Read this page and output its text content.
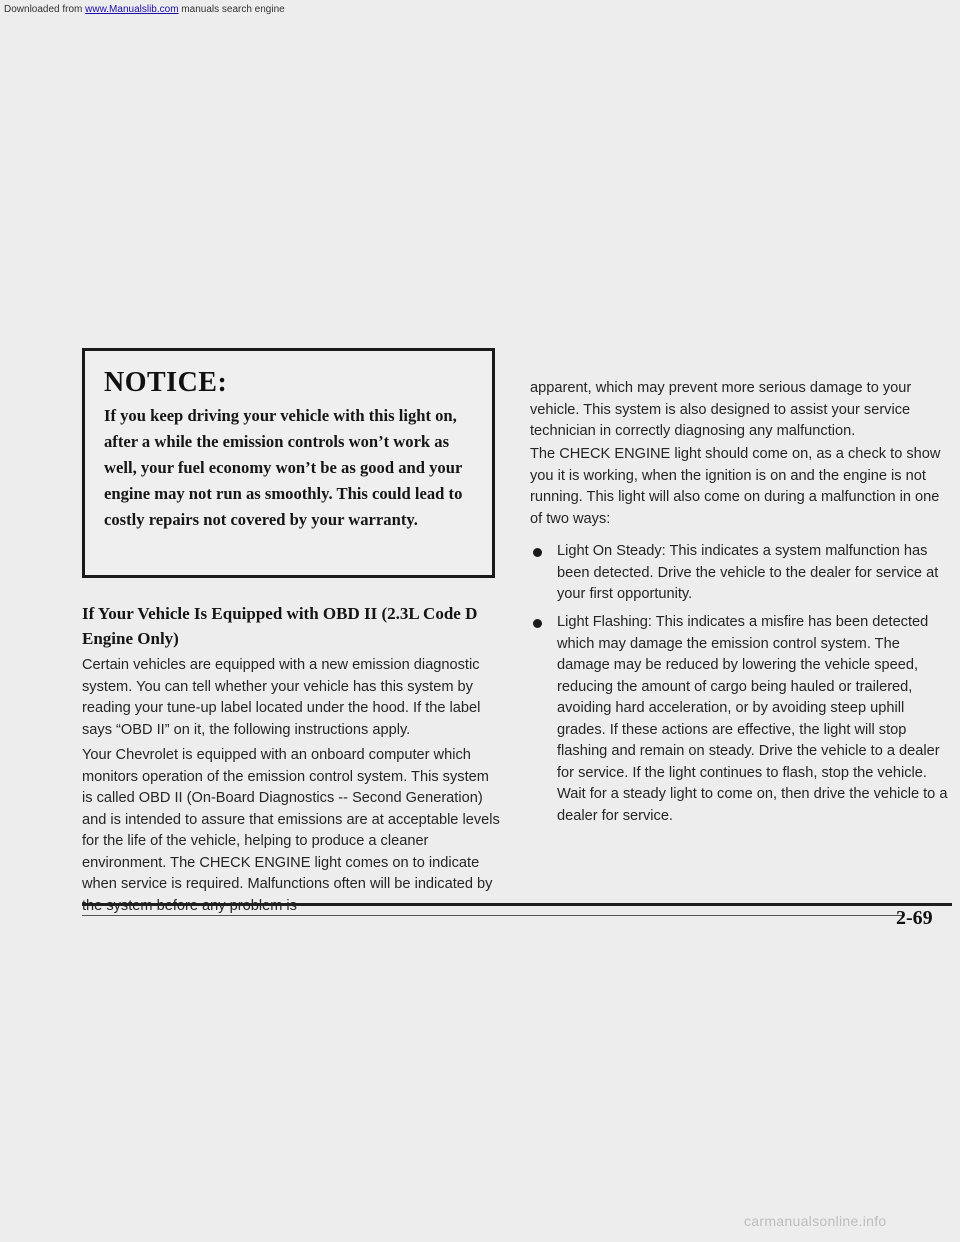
Downloaded from www.Manualslib.com manuals search engine
NOTICE:
If you keep driving your vehicle with this light on, after a while the emission controls won’t work as well, your fuel economy won’t be as good and your engine may not run as smoothly. This could lead to costly repairs not covered by your warranty.
If Your Vehicle Is Equipped with OBD II (2.3L Code D Engine Only)

Certain vehicles are equipped with a new emission diagnostic system. You can tell whether your vehicle has this system by reading your tune-up label located under the hood. If the label says “OBD II” on it, the following instructions apply.

Your Chevrolet is equipped with an onboard computer which monitors operation of the emission control system. This system is called OBD II (On-Board Diagnostics -- Second Generation) and is intended to assure that emissions are at acceptable levels for the life of the vehicle, helping to produce a cleaner environment. The CHECK ENGINE light comes on to indicate when service is required. Malfunctions often will be indicated by

apparent, which may prevent more serious damage to your vehicle. This system is also designed to assist your service technician in correctly diagnosing any malfunction.

The CHECK ENGINE light should come on, as a check to show you it is working, when the ignition is on and the engine is not running. This light will also come on during a malfunction in one of two ways:

Light On Steady: This indicates a system malfunction has been detected. Drive the vehicle to the dealer for service at your first opportunity.

Light Flashing: This indicates a misfire has been detected which may damage the emission control system. The damage may be reduced by lowering the vehicle speed, reducing the amount of cargo being hauled or trailered, avoiding hard acceleration, or by avoiding steep uphill grades. If these actions are effective, the light will stop flashing and remain on steady. Drive the vehicle to a dealer for service. If the light continues to flash, stop the vehicle. Wait for a steady light to come on, then drive the vehicle to a dealer for service.

2-69
carmanualsonline.info
